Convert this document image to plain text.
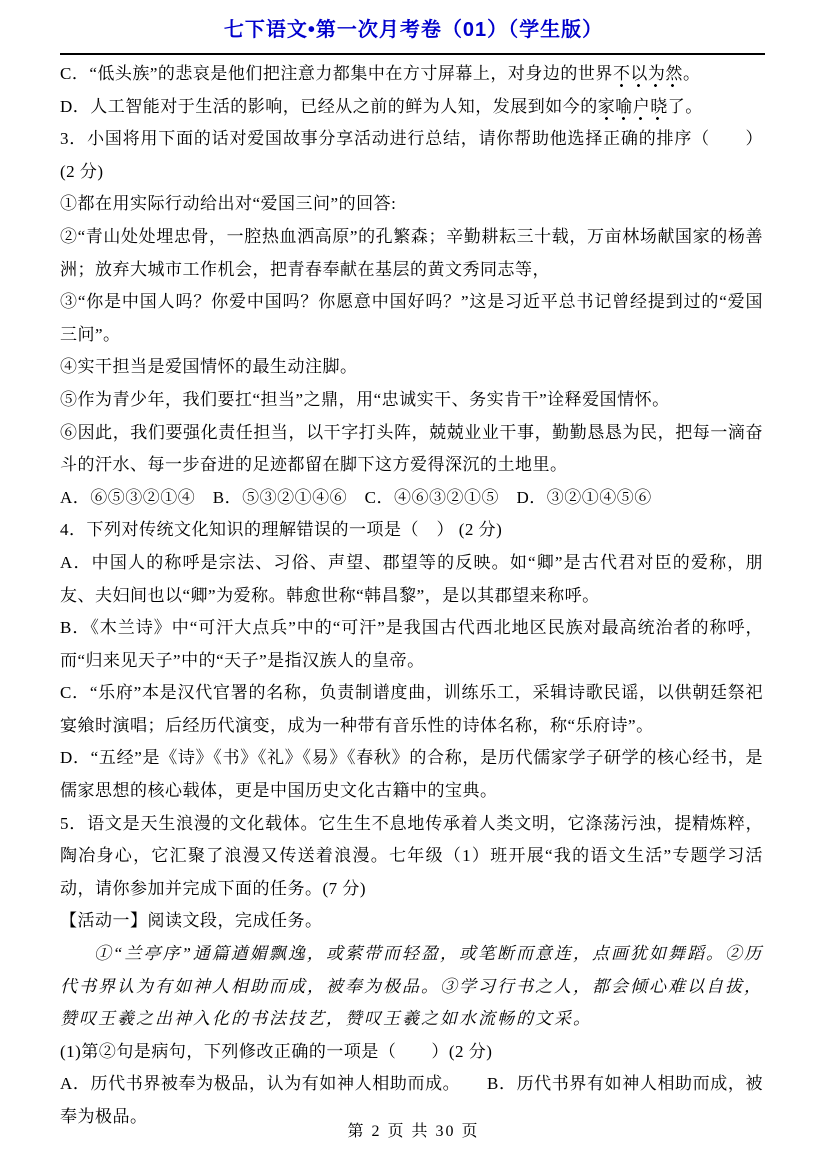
七下语文•第一次月考卷（01）（学生版）

C．“低头族”的悲哀是他们把注意力都集中在方寸屏幕上，对身边的世界不以为然。

D．人工智能对于生活的影响，已经从之前的鲜为人知，发展到如今的家喻户晓了。

3．小国将用下面的话对爱国故事分享活动进行总结，请你帮助他选择正确的排序（　　）(2 分)

①都在用实际行动给出对“爱国三问”的回答:

②“青山处处埋忠骨，一腔热血洒高原”的孔繁森；辛勤耕耘三十载，万亩林场献国家的杨善洲；放弃大城市工作机会，把青春奉献在基层的黄文秀同志等，

③“你是中国人吗？你爱中国吗？你愿意中国好吗？”这是习近平总书记曾经提到过的“爱国三问”。

④实干担当是爱国情怀的最生动注脚。

⑤作为青少年，我们要扛“担当”之鼎，用“忠诚实干、务实肯干”诠释爱国情怀。

⑥因此，我们要强化责任担当，以干字打头阵，兢兢业业干事，勤勤恳恳为民，把每一滴奋斗的汗水、每一步奋进的足迹都留在脚下这方爱得深沉的土地里。

A．⑥⑤③②①④　B．⑤③②①④⑥　C．④⑥③②①⑤　D．③②①④⑤⑥

4．下列对传统文化知识的理解错误的一项是（　） (2 分)

A．中国人的称呼是宗法、习俗、声望、郡望等的反映。如“卿”是古代君对臣的爱称，朋友、夫妇间也以“卿”为爱称。韩愈世称“韩昌黎”，是以其郡望来称呼。

B．《木兰诗》中“可汗大点兵”中的“可汗”是我国古代西北地区民族对最高统治者的称呼，而“归来见天子”中的“天子”是指汉族人的皇帝。

C．“乐府”本是汉代官署的名称，负责制谱度曲，训练乐工，采辑诗歌民谣，以供朝廷祭祀宴飨时演唱；后经历代演变，成为一种带有音乐性的诗体名称，称“乐府诗”。

D．“五经”是《诗》《书》《礼》《易》《春秋》的合称，是历代儒家学子研学的核心经书，是儒家思想的核心载体，更是中国历史文化古籍中的宝典。

5．语文是天生浪漫的文化载体。它生生不息地传承着人类文明，它涤荡污浊，提精炼粹，陶冶身心，它汇聚了浪漫又传送着浪漫。七年级（1）班开展“我的语文生活”专题学习活动，请你参加并完成下面的任务。(7 分)

【活动一】阅读文段，完成任务。

①“兰亭序”通篇遒媚飘逸，或萦带而轻盈，或笔断而意连，点画犹如舞蹈。②历代书界认为有如神人相助而成，被奉为极品。③学习行书之人，都会倾心难以自拔，赞叹王羲之出神入化的书法技艺，赞叹王羲之如水流畅的文采。

(1)第②句是病句，下列修改正确的一项是（　　）(2 分)

A．历代书界被奉为极品，认为有如神人相助而成。　　B．历代书界有如神人相助而成，被奉为极品。

第 2 页 共 30 页
